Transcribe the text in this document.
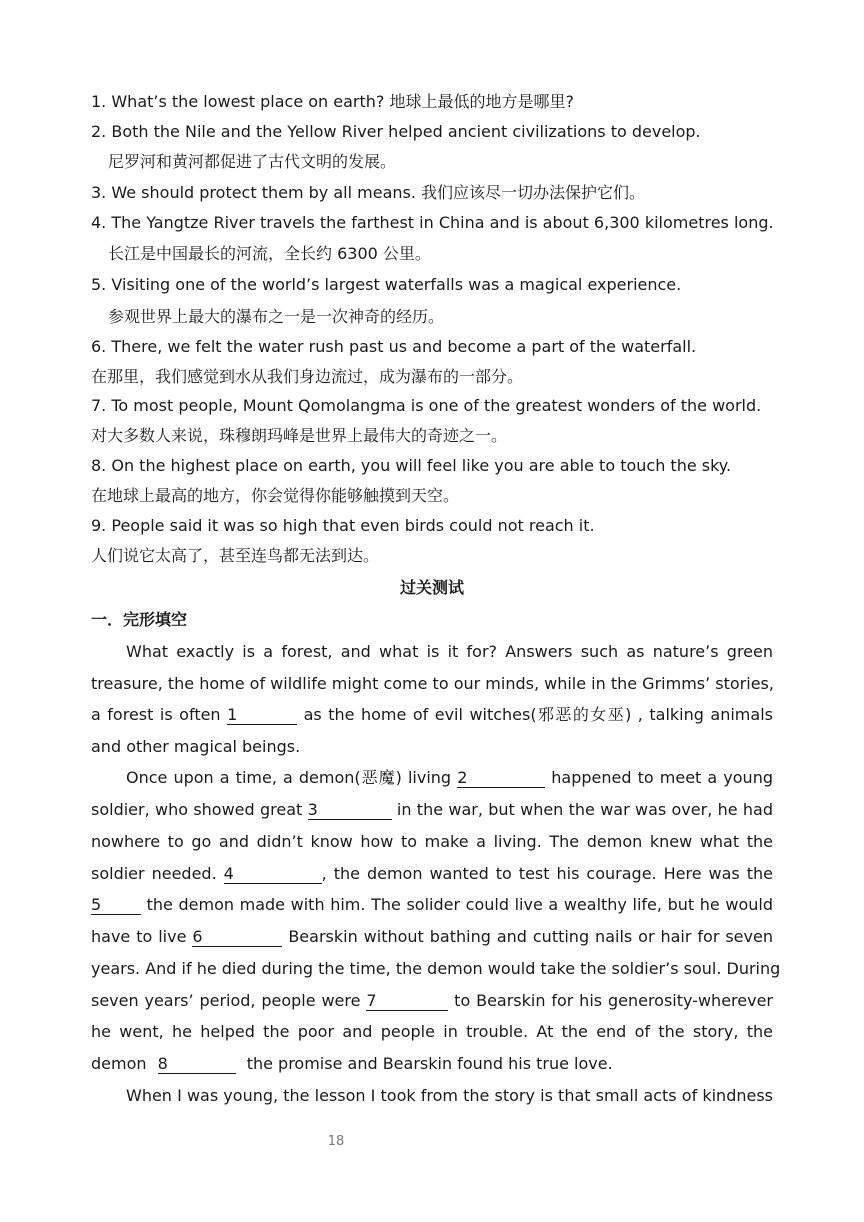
1. What’s the lowest place on earth? 地球上最低的地方是哪里?
2. Both the Nile and the Yellow River helped ancient civilizations to develop.
尼罗河和黄河都促进了古代文明的发展。
3. We should protect them by all means. 我们应该尽一切办法保护它们。
4. The Yangtze River travels the farthest in China and is about 6,300 kilometres long.
长江是中国最长的河流，全长约 6300 公里。
5. Visiting one of the world’s largest waterfalls was a magical experience.
参观世界上最大的瀑布之一是一次神奇的经历。
6. There, we felt the water rush past us and become a part of the waterfall.
在那里，我们感觉到水从我们身边流过，成为瀑布的一部分。
7. To most people, Mount Qomolangma is one of the greatest wonders of the world.
对大多数人来说，珠穆朗玛峰是世界上最伟大的奇迹之一。
8. On the highest place on earth, you will feel like you are able to touch the sky.
在地球上最高的地方，你会觉得你能够触摸到天空。
9. People said it was so high that even birds could not reach it.
人们说它太高了，甚至连鸟都无法到达。
过关测试
一．完形填空
What exactly is a forest, and what is it for? Answers such as nature’s green
treasure, the home of wildlife might come to our minds, while in the Grimms’ stories,
a forest is often 1	as the home of evil witches(邪恶的女巫) , talking animals
and other magical beings.
Once upon a time, a demon(恶魔) living 2	happened to meet a young
soldier, who showed great 3	in the war, but when the war was over, he had
nowhere to go and didn’t know how to make a living. The demon knew what the
soldier needed. 4	, the demon wanted to test his courage. Here was the
5	the demon made with him. The solider could live a wealthy life, but he would
have to live 6	Bearskin without bathing and cutting nails or hair for seven
years. And if he died during the time, the demon would take the soldier’s soul. During
seven years’ period, people were 7	to Bearskin for his generosity-wherever
he went, he helped the poor and people in trouble. At the end of the story, the
demon 8	the promise and Bearskin found his true love.
When I was young, the lesson I took from the story is that small acts of kindness
18
